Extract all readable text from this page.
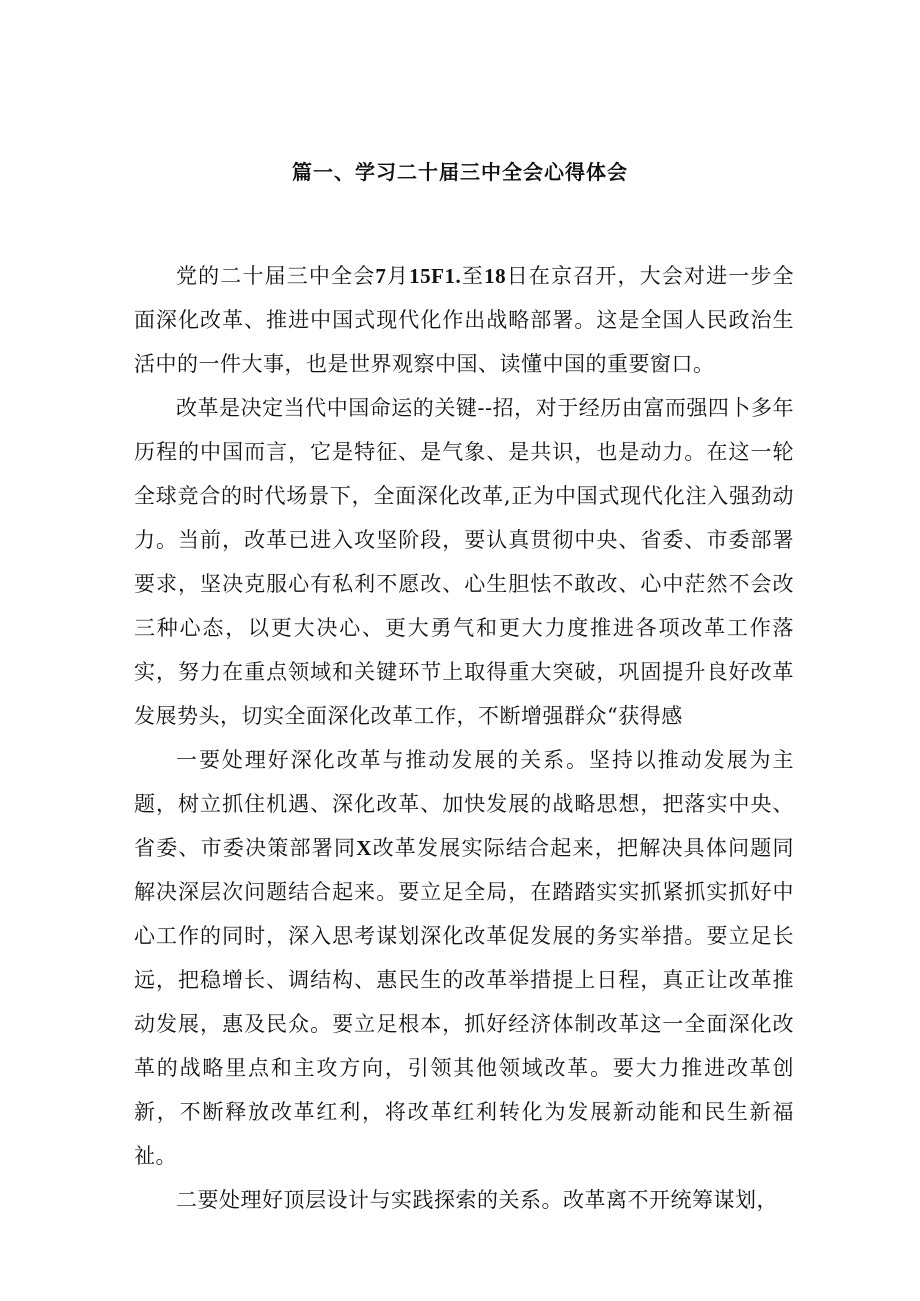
篇一、学习二十届三中全会心得体会

党的二十届三中全会7月15F1.至18日在京召开，大会对进一步全面深化改革、推进中国式现代化作出战略部署。这是全国人民政治生活中的一件大事，也是世界观察中国、读懂中国的重要窗口。

改革是决定当代中国命运的关键--招，对于经历由富而强四卜多年历程的中国而言，它是特征、是气象、是共识，也是动力。在这一轮全球竞合的时代场景下，全面深化改革,正为中国式现代化注入强劲动力。当前，改革已进入攻坚阶段，要认真贯彻中央、省委、市委部署要求，坚决克服心有私利不愿改、心生胆怯不敢改、心中茫然不会改三种心态，以更大决心、更大勇气和更大力度推进各项改革工作落实，努力在重点领域和关键环节上取得重大突破，巩固提升良好改革发展势头，切实全面深化改革工作，不断增强群众“获得感

一要处理好深化改革与推动发展的关系。坚持以推动发展为主题，树立抓住机遇、深化改革、加快发展的战略思想，把落实中央、省委、市委决策部署同X改革发展实际结合起来，把解决具体问题同解决深层次问题结合起来。要立足全局，在踏踏实实抓紧抓实抓好中心工作的同时，深入思考谋划深化改革促发展的务实举措。要立足长远，把稳增长、调结构、惠民生的改革举措提上日程，真正让改革推动发展，惠及民众。要立足根本，抓好经济体制改革这一全面深化改革的战略里点和主攻方向，引领其他领域改革。要大力推进改革创新，不断释放改革红利，将改革红利转化为发展新动能和民生新福祉。

二要处理好顶层设计与实践探索的关系。改革离不开统筹谋划，
